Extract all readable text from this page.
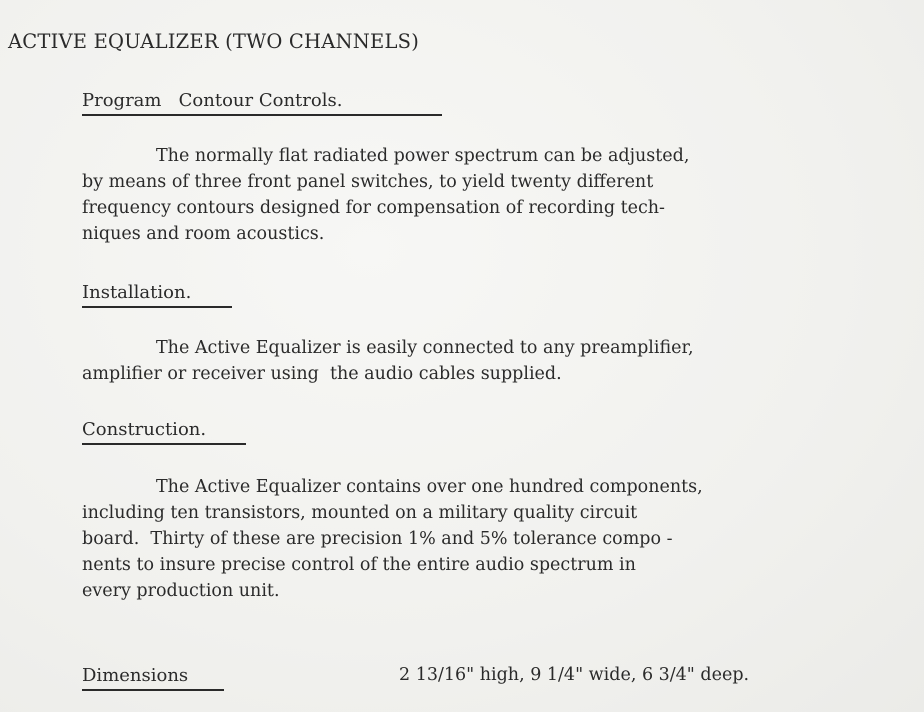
ACTIVE EQUALIZER (TWO CHANNELS)
Program   Contour Controls.
The normally flat radiated power spectrum can be adjusted,
by means of three front panel switches, to yield twenty different
frequency contours designed for compensation of recording tech-
niques and room acoustics.
Installation.
The Active Equalizer is easily connected to any preamplifier,
amplifier or receiver using  the audio cables supplied.
Construction.
The Active Equalizer contains over one hundred components,
including ten transistors, mounted on a military quality circuit
board.  Thirty of these are precision 1% and 5% tolerance compo -
nents to insure precise control of the entire audio spectrum in
every production unit.
Dimensions	2 13/16" high, 9 1/4" wide, 6 3/4" deep.
